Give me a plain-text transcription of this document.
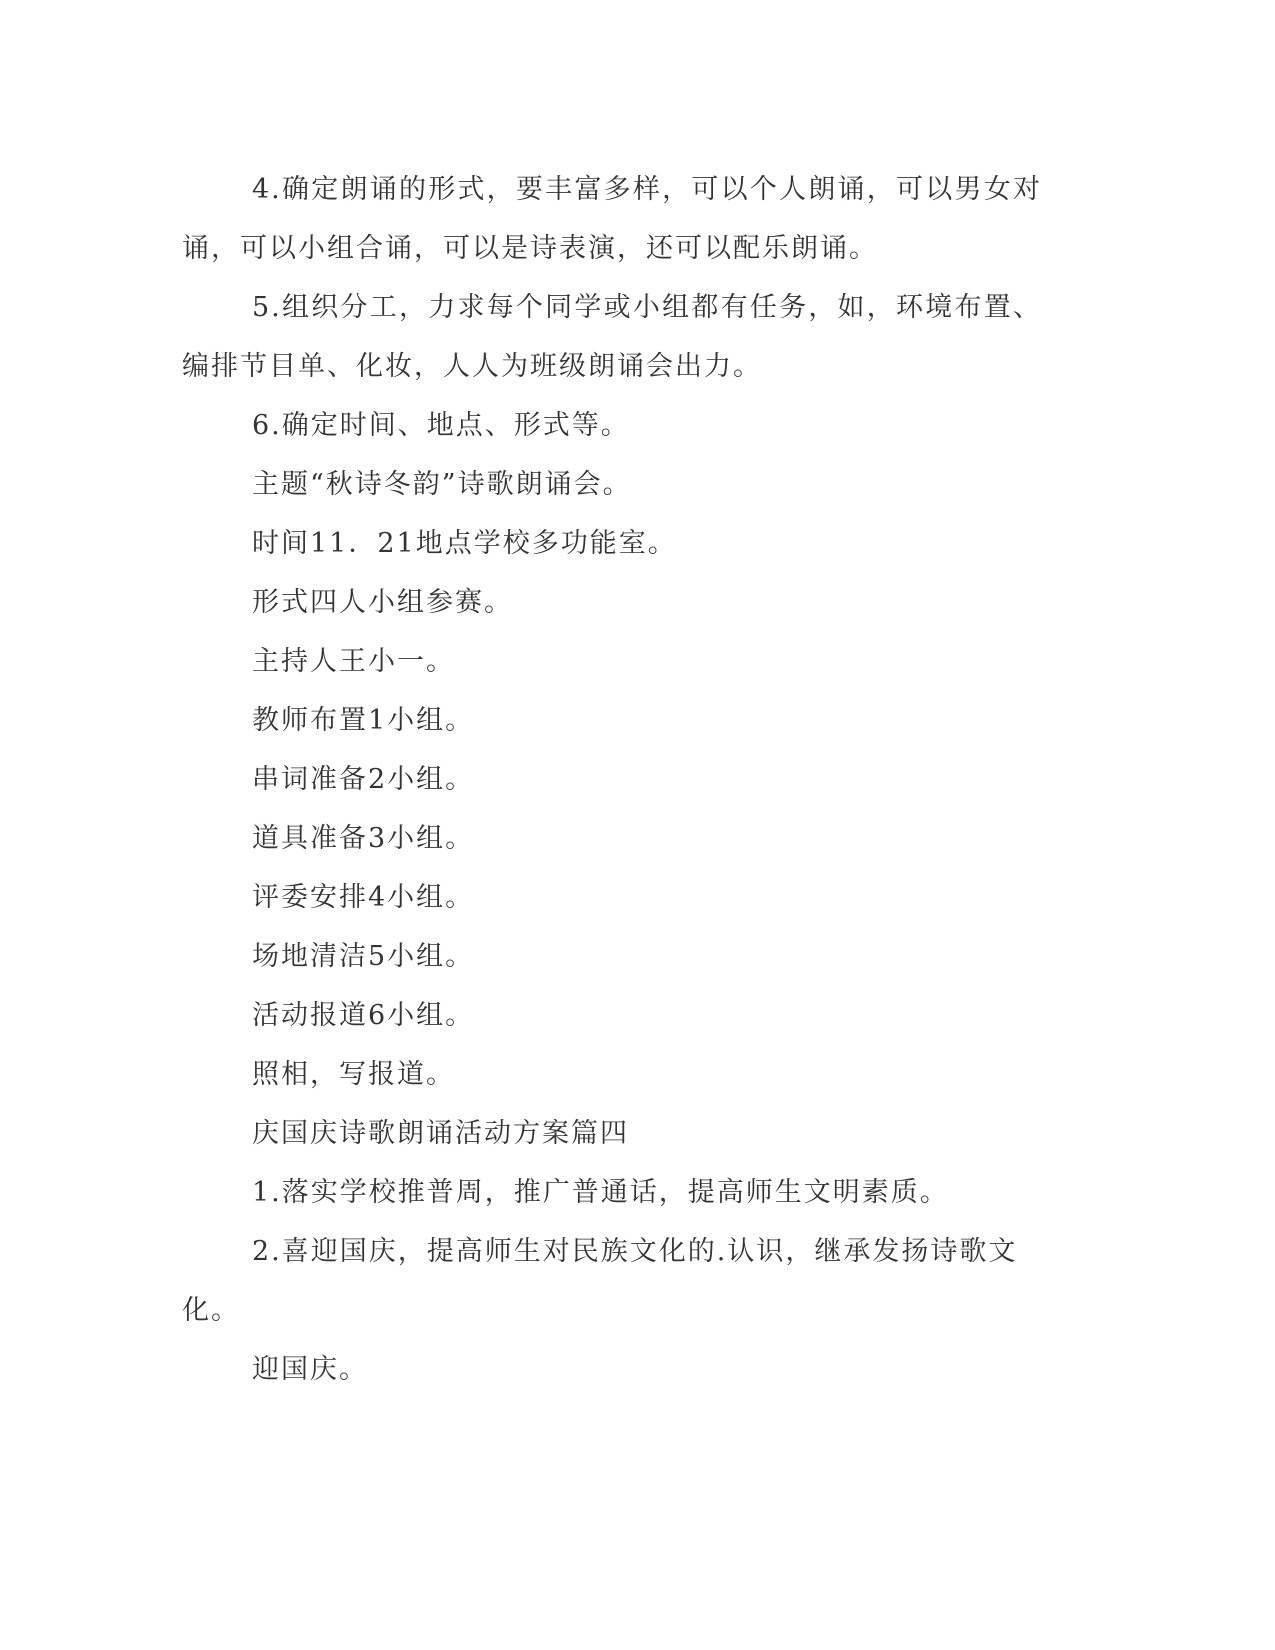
4.确定朗诵的形式，要丰富多样，可以个人朗诵，可以男女对诵，可以小组合诵，可以是诗表演，还可以配乐朗诵。

5.组织分工，力求每个同学或小组都有任务，如，环境布置、编排节目单、化妆，人人为班级朗诵会出力。

6.确定时间、地点、形式等。

主题“秋诗冬韵”诗歌朗诵会。

时间11．21地点学校多功能室。

形式四人小组参赛。

主持人王小一。

教师布置1小组。

串词准备2小组。

道具准备3小组。

评委安排4小组。

场地清洁5小组。

活动报道6小组。

照相，写报道。

庆国庆诗歌朗诵活动方案篇四

1.落实学校推普周，推广普通话，提高师生文明素质。

2.喜迎国庆，提高师生对民族文化的.认识，继承发扬诗歌文化。

迎国庆。
